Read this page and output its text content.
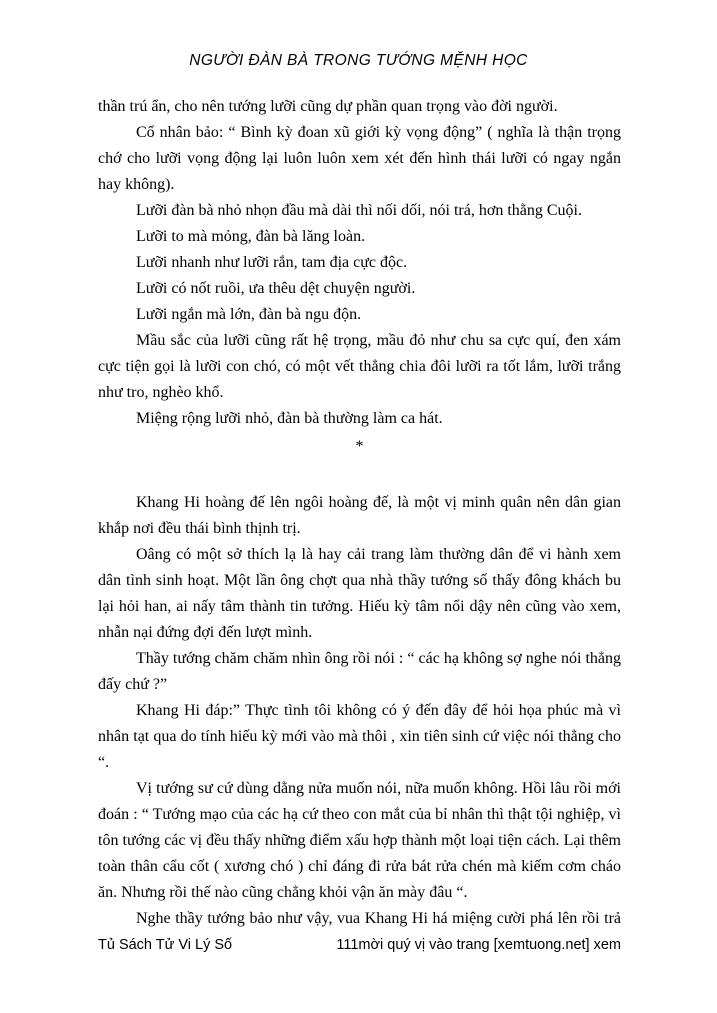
NGƯỜI ĐÀN BÀ TRONG TƯỚNG MỆNH HỌC

thần trú ẩn, cho nên tướng lưỡi cũng dự phần quan trọng vào đời người.

Cổ nhân bảo: “ Bình kỳ đoan xũ giới kỳ vọng động” ( nghĩa là thận trọng chớ cho lưỡi vọng động lại luôn luôn xem xét đến hình thái lưỡi có ngay ngắn hay không).

Lưỡi đàn bà nhỏ nhọn đầu mà dài thì nối dối, nói trá, hơn thằng Cuội.

Lưỡi to mà mỏng, đàn bà lăng loàn.

Lưỡi nhanh như lưỡi rắn, tam địa cực độc.

Lưỡi có nốt ruồi, ưa thêu dệt chuyện người.

Lưỡi ngắn mà lớn, đàn bà ngu độn.

Mầu sắc của lưỡi cũng rất hệ trọng, mầu đỏ như chu sa cực quí, đen xám cực tiện gọi là lưỡi con chó, có một vết thẳng chia đôi lưỡi ra tốt lắm, lưỡi trắng như tro, nghèo khổ.

Miệng rộng lưỡi nhỏ, đàn bà thường làm ca hát.

*

Khang Hi hoàng đế lên ngôi hoàng đế, là một vị minh quân nên dân gian khắp nơi đều thái bình thịnh trị.

Oâng có một sở thích lạ là hay cải trang làm thường dân để vi hành xem dân tình sinh hoạt. Một lần ông chợt qua nhà thầy tướng số thấy đông khách bu lại hỏi han, ai nấy tâm thành tin tưởng. Hiếu kỳ tâm nổi dậy nên cũng vào xem, nhẫn nại đứng đợi đến lượt mình.

Thầy tướng chăm chăm nhìn ông rồi nói : “ các hạ không sợ nghe nói thẳng đấy chứ ?”

Khang Hi đáp:” Thực tình tôi không có ý đến đây để hỏi họa phúc mà vì nhân tạt qua do tính hiếu kỳ mới vào mà thôi , xin tiên sinh cứ việc nói thẳng cho “.

Vị tướng sư cứ dùng dằng nửa muốn nói, nữa muốn không. Hồi lâu rồi mới đoán : “ Tướng mạo của các hạ cứ theo con mắt của bỉ nhân thì thật tội nghiệp, vì tôn tướng các vị đều thấy những điểm xấu hợp thành một loại tiện cách. Lại thêm toàn thân cẩu cốt ( xương chó ) chỉ đáng đi rửa bát rửa chén mà kiếm cơm cháo ăn. Nhưng rồi thế nào cũng chẳng khỏi vận ăn mày đâu “.

Nghe thầy tướng bảo như vậy, vua Khang Hi há miệng cười phá lên rồi trả

Tủ Sách Tử Vi Lý Số	111 mời quý vị vào trang [xemtuong.net] xem
